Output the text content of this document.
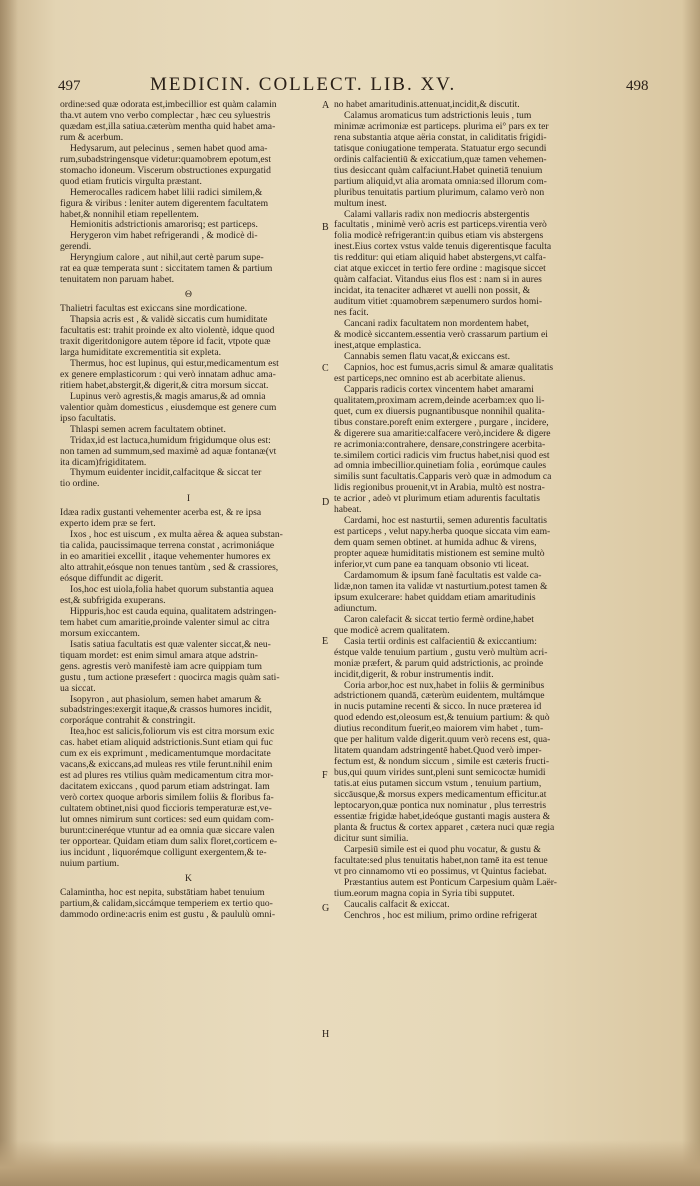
497	MEDICIN. COLLECT. LIB. XV.	498

ordine:sed quæ odorata est,imbecillior est quàm calamin

tha.vt autem vno verbo complectar , hæc ceu syluestris

quædam est,illa satiua.cæterùm mentha quid habet ama-

rum & acerbum.

Hedysarum, aut pelecinus , semen habet quod ama-

rum,subadstringensque videtur:quamobrem epotum,est

stomacho idoneum. Viscerum obstructiones expurgatid

quod etiam fruticis virgulta præstant.

Hemerocalles radicem habet lilii radici similem,&

figura & viribus : leniter autem digerentem facultatem

habet,& nonnihil etiam repellentem.

Hemionitis adstrictionis amarorisq; est particeps.

Herygeron vim habet refrigerandi , & modicè di-

gerendi.

Heryngium calore , aut nihil,aut certè parum supe-

rat ea quæ temperata sunt : siccitatem tamen & partium

tenuitatem non paruam habet.

Θ

Thalietri facultas est exiccans sine mordicatione.

Thapsia acris est , & validè siccatis cum humiditate

facultatis est: trahit proinde ex alto violentè, idque quod

traxit digeritdonigore autem tëpore id facit, vtpote quæ

larga humiditate excrementitia sit expleta.

Thermus, hoc est lupinus, qui estur,medicamentum est

ex genere emplasticorum : qui verò innatam adhuc ama-

ritiem habet,abstergit,& digerit,& citra morsum siccat.

Lupinus verò agrestis,& magis amarus,& ad omnia

valentior quàm domesticus , eiusdemque est genere cum

ipso facultatis.

Thlaspi semen acrem facultatem obtinet.

Tridax,id est lactuca,humidum frigidumque olus est:

non tamen ad summum,sed maximè ad aquæ fontanæ(vt

ita dicam)frigiditatem.

Thymum euidenter incidit,calfacitque & siccat ter

tio ordine.

I

Idæa radix gustanti vehementer acerba est, & re ipsa

experto idem præ se fert.

Ixos , hoc est uiscum , ex multa aërea & aquea substan-

tia calida, paucissimaque terrena constat , acrimoniáque

in eo amaritiei excellit , itaque vehementer humores ex

alto attrahit,eósque non tenues tantùm , sed & crassiores,

eósque diffundit ac digerit.

Ios,hoc est uiola,folia habet quorum substantia aquea

est,& subfrigida exuperans.

Hippuris,hoc est cauda equina, qualitatem adstringen-

tem habet cum amaritie,proinde valenter simul ac citra

morsum exiccantem.

Isatis satiua facultatis est quæ valenter siccat,& neu-

tiquam mordet: est enim simul amara atque adstrin-

gens. agrestis verò manifestè iam acre quippiam tum

gustu , tum actione præsefert : quocirca magis quàm sati-

ua siccat.

Isopyron , aut phasiolum, semen habet amarum &

subadstringes:exergit itaque,& crassos humores incidit,

corporáque contrahit & constringit.

Itea,hoc est salicis,foliorum vis est citra morsum exic

cas. habet etiam aliquid adstrictionis.Sunt etiam qui fuc

cum ex eis exprimunt , medicamentumque mordacitate

vacans,& exiccans,ad muleas res vtile ferunt.nihil enim

est ad plures res vtilius quàm medicamentum citra mor-

dacitatem exiccans , quod parum etiam adstringat. Iam

verò cortex quoque arboris similem foliis & floribus fa-

cultatem obtinet,nisi quod ficcioris temperaturæ est,ve-

lut omnes nimirum sunt cortices: sed eum quidam com-

burunt:cineréque vtuntur ad ea omnia quæ siccare valen

ter opportear. Quidam etiam dum salix floret,corticem e-

ius incidunt , liquorémque colligunt exergentem,& te-

nuium partium.

K

Calamintha, hoc est nepita, substātiam habet tenuium

partium,& calidam,siccámque temperiem ex tertio quo-

dammodo ordine:acris enim est gustu , & paululù omni-

no habet amaritudinis.attenuat,incidit,& discutit.

Calamus aromaticus tum adstrictionis leuis , tum

minimæ acrimoniæ est particeps. plurima ei° pars ex ter

rena substantia atque aëria constat, in caliditatis frigidi-

tatisque coniugatione temperata. Statuatur ergo secundi

ordinis calfacientiū & exiccatium,quæ tamen vehemen-

tius desiccant quàm calfaciunt.Habet quinetiā tenuium

partium aliquid,vt alia aromata omnia:sed illorum com-

pluribus tenuitatis partium plurimum, calamo verò non

multum inest.

Calami vallaris radix non mediocris abstergentis

facultatis , minimè verò acris est particeps.virentia verò

folia modicè refrigerant:in quibus etiam vis abstergens

inest.Eius cortex vstus valde tenuis digerentisque faculta

tis redditur: qui etiam aliquid habet abstergens,vt calfa-

ciat atque exiccet in tertio fere ordine : magisque siccet

quàm calfaciat. Vitandus eius flos est : nam si in aures

incidat, ita tenaciter adhæret vt auelli non possit, &

auditum vitiet :quamobrem sæpenumero surdos homi-

nes facit.

Cancani radix facultatem non mordentem habet,

& modicè siccantem.essentia verò crassarum partium ei

inest,atque emplastica.

Cannabis semen flatu vacat,& exiccans est.

Capnios, hoc est fumus,acris simul & amaræ qualitatis

est particeps,nec omnino est ab acerbitate alienus.

Capparis radicis cortex vincentem habet amarami

qualitatem,proximam acrem,deinde acerbam:ex quo li-

quet, cum ex diuersis pugnantibusque nonnihil qualita-

tibus constare.poreft enim extergere , purgare , incidere,

& digerere sua amaritie:calfacere verò,incidere & digere

re acrimonia:contrahere, densare,constringere acerbita-

te.similem cortici radicis vim fructus habet,nisi quod est

ad omnia imbecillior.quinetiam folia , eorúmque caules

similis sunt facultatis.Capparis verò quæ in admodum ca

lidis regionibus prouenit,vt in Arabia, multò est nostra-

te acrior , adeò vt plurimum etiam adurentis facultatis

habeat.

Cardami, hoc est nasturtii, semen adurentis facultatis

est particeps , velut napy.herba quoque siccata vim eam-

dem quam semen obtinet. at humida adhuc & virens,

propter aqueæ humiditatis mistionem est semine multò

inferior,vt cum pane ea tanquam obsonio vti liceat.

Cardamomum & ipsum fanè facultatis est valde ca-

lidæ,non tamen ita validæ vt nasturtium.potest tamen &

ipsum exulcerare: habet quiddam etiam amaritudinis

adiunctum.

Caron calefacit & siccat tertio fermè ordine,habet

que modicè acrem qualitatem.

Casia tertii ordinis est calfacientiū & exiccantium:

éstque valde tenuium partium , gustu verò multùm acri-

moniæ præfert, & parum quid adstrictionis, ac proinde

incidit,digerit, & robur instrumentis indit.

Coria arbor,hoc est nux,habet in foliis & germinibus

adstrictionem quandā, cæterùm euidentem, multámque

in nucis putamine recenti & sicco. In nuce præterea id

quod edendo est,oleosum est,& tenuium partium: & quò

diutius reconditum fuerit,eo maiorem vim habet , tum-

que per halitum valde digerit.quum verò recens est, qua-

litatem quandam adstringentē habet.Quod verò imper-

fectum est, & nondum siccum , simile est cæteris fructi-

bus,qui quum virides sunt,pleni sunt semicoctæ humidi

tatis.at eius putamen siccum vstum , tenuium partium,

siccāusque,& morsus expers medicamentum efficitur.at

leptocaryon,quæ pontica nux nominatur , plus terrestris

essentiæ frigidæ habet,ideóque gustanti magis austera &

planta & fructus & cortex apparet , cætera nuci quæ regia

dicitur sunt similia.

Carpesiū simile est ei quod phu vocatur, & gustu &

facultate:sed plus tenuitatis habet,non tamē ita est tenue

vt pro cinnamomo vti eo possimus, vt Quintus faciebat.

Præstantius autem est Ponticum Carpesium quàm Laër-

tium.eorum magna copia in Syria tibi supputet.

Caucalis calfacit & exiccat.

Cenchros , hoc est milium, primo ordine refrigerat

A
B
C
D
E
F
G
H
